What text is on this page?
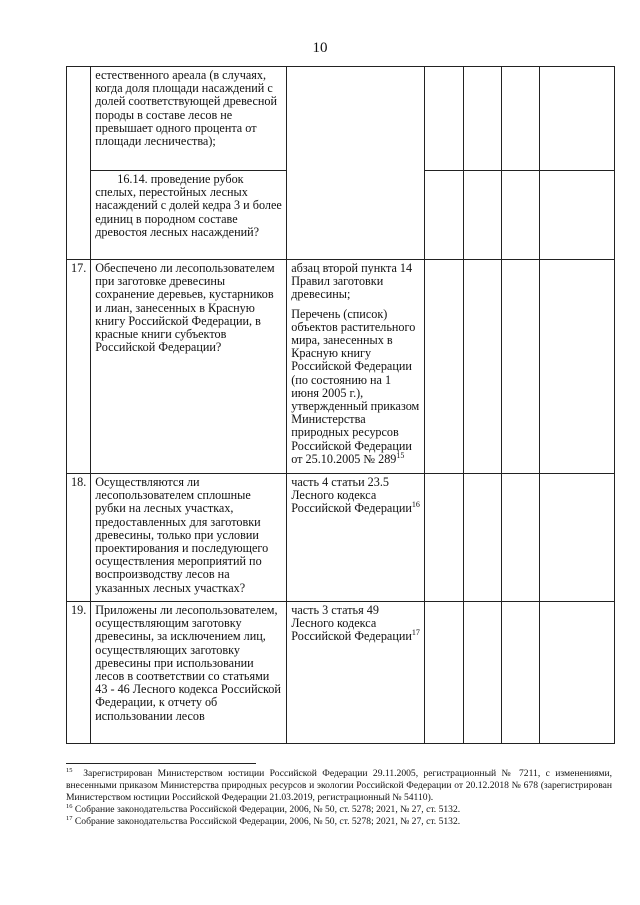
10

	естественного ареала (в случаях, когда доля площади насаждений с долей соответствующей древесной породы в составе лесов не превышает одного процента от площади лесничества);					

	16.14. проведение рубок спелых, перестойных лесных насаждений с долей кедра 3 и более единиц в породном составе древостоя лесных насаждений?					

17.	Обеспечено ли лесопользователем при заготовке древесины сохранение деревьев, кустарников и лиан, занесенных в Красную книгу Российской Федерации, в красные книги субъектов Российской Федерации?	абзац второй пункта 14 Правил заготовки древесины;
Перечень (список) объектов растительного мира, занесенных в Красную книгу Российской Федерации (по состоянию на 1 июня 2005 г.), утвержденный приказом Министерства природных ресурсов Российской Федерации от 25.10.2005 № $289^{15}$

18.	Осуществляются ли лесопользователем сплошные рубки на лесных участках, предоставленных для заготовки древесины, только при условии проектирования и последующего осуществления мероприятий по воспроизводству лесов на указанных лесных участках?	часть 4 статьи 23.5 Лесного кодекса Российской Федерации$^{16}$

19.	Приложены ли лесопользователем, осуществляющим заготовку древесины, за исключением лиц, осуществляющих заготовку древесины при использовании лесов в соответствии со статьями 43 - 46 Лесного кодекса Российской Федерации, к отчету об использовании лесов	часть 3 статья 49 Лесного кодекса Российской Федерации$^{17}$

$^{15}$ Зарегистрирован Министерством юстиции Российской Федерации 29.11.2005, регистрационный № 7211, с изменениями, внесенными приказом Министерства природных ресурсов и экологии Российской Федерации от 20.12.2018 № 678 (зарегистрирован Министерством юстиции Российской Федерации 21.03.2019, регистрационный № 54110).

$^{16}$ Собрание законодательства Российской Федерации, 2006, № 50, ст. 5278; 2021, № 27, ст. 5132.

$^{17}$ Собрание законодательства Российской Федерации, 2006, № 50, ст. 5278; 2021, № 27, ст. 5132.
